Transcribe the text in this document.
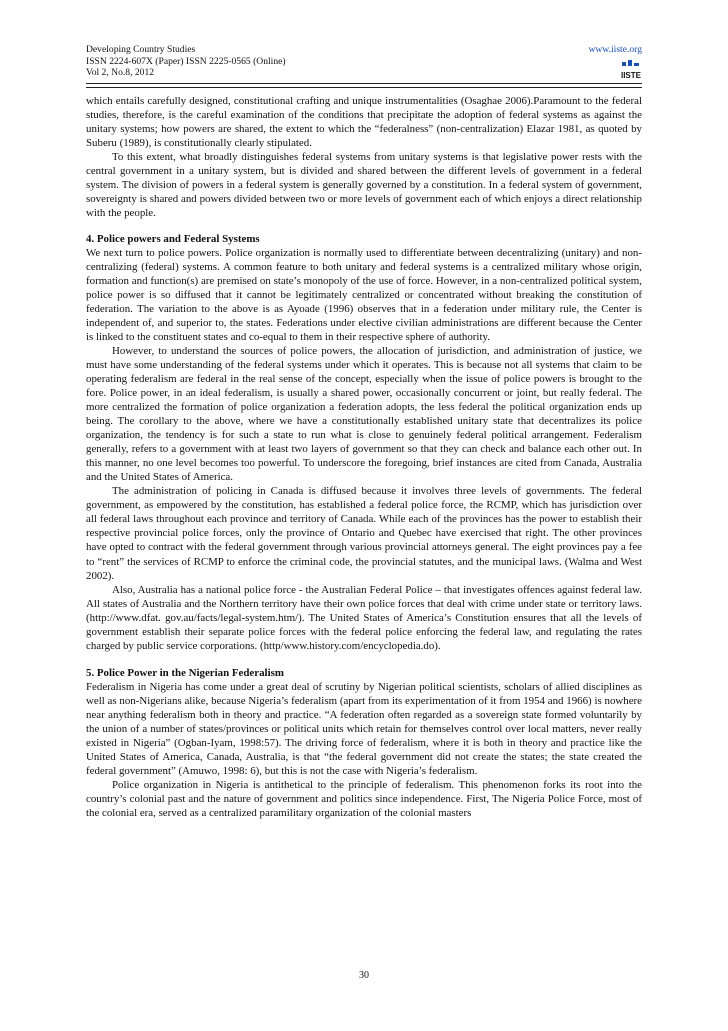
Developing Country Studies
ISSN 2224-607X (Paper) ISSN 2225-0565 (Online)
Vol 2, No.8, 2012
www.iiste.org
IISTE

which entails carefully designed, constitutional crafting and unique instrumentalities (Osaghae 2006).Paramount to the federal studies, therefore, is the careful examination of the conditions that precipitate the adoption of federal systems as against the unitary systems; how powers are shared, the extent to which the “federalness” (non-centralization) Elazar 1981, as quoted by Suberu (1989), is constitutionally clearly stipulated.

To this extent, what broadly distinguishes federal systems from unitary systems is that legislative power rests with the central government in a unitary system, but is divided and shared between the different levels of government in a federal system. The division of powers in a federal system is generally governed by a constitution. In a federal system of government, sovereignty is shared and powers divided between two or more levels of government each of which enjoys a direct relationship with the people.

4. Police powers and Federal Systems

We next turn to police powers. Police organization is normally used to differentiate between decentralizing (unitary) and non-centralizing (federal) systems. A common feature to both unitary and federal systems is a centralized military whose origin, formation and function(s) are premised on state’s monopoly of the use of force. However, in a non-centralized political system, police power is so diffused that it cannot be legitimately centralized or concentrated without breaking the constitution of federation. The variation to the above is as Ayoade (1996) observes that in a federation under military rule, the Center is independent of, and superior to, the states. Federations under elective civilian administrations are different because the Center is linked to the constituent states and co-equal to them in their respective sphere of authority.

However, to understand the sources of police powers, the allocation of jurisdiction, and administration of justice, we must have some understanding of the federal systems under which it operates. This is because not all systems that claim to be operating federalism are federal in the real sense of the concept, especially when the issue of police powers is brought to the fore. Police power, in an ideal federalism, is usually a shared power, occasionally concurrent or joint, but really federal. The more centralized the formation of police organization a federation adopts, the less federal the political organization ends up being. The corollary to the above, where we have a constitutionally established unitary state that decentralizes its police organization, the tendency is for such a state to run what is close to genuinely federal political arrangement. Federalism generally, refers to a government with at least two layers of government so that they can check and balance each other out. In this manner, no one level becomes too powerful. To underscore the foregoing, brief instances are cited from Canada, Australia and the United States of America.

The administration of policing in Canada is diffused because it involves three levels of governments. The federal government, as empowered by the constitution, has established a federal police force, the RCMP, which has jurisdiction over all federal laws throughout each province and territory of Canada. While each of the provinces has the power to establish their respective provincial police forces, only the province of Ontario and Quebec have exercised that right. The other provinces have opted to contract with the federal government through various provincial attorneys general. The eight provinces pay a fee to “rent” the services of RCMP to enforce the criminal code, the provincial statutes, and the municipal laws. (Walma and West 2002).

Also, Australia has a national police force - the Australian Federal Police – that investigates offences against federal law. All states of Australia and the Northern territory have their own police forces that deal with crime under state or territory laws. (http://www.dfat. gov.au/facts/legal-system.htm/). The United States of America’s Constitution ensures that all the levels of government establish their separate police forces with the federal police enforcing the federal law, and regulating the rates charged by public service corporations. (http/www.history.com/encyclopedia.do).

5. Police Power in the Nigerian Federalism

Federalism in Nigeria has come under a great deal of scrutiny by Nigerian political scientists, scholars of allied disciplines as well as non-Nigerians alike, because Nigeria’s federalism (apart from its experimentation of it from 1954 and 1966) is nowhere near anything federalism both in theory and practice. “A federation often regarded as a sovereign state formed voluntarily by the union of a number of states/provinces or political units which retain for themselves control over local matters, never really existed in Nigeria” (Ogban-Iyam, 1998:57). The driving force of federalism, where it is both in theory and practice like the United States of America, Canada, Australia, is that “the federal government did not create the states; the state created the federal government” (Amuwo, 1998: 6), but this is not the case with Nigeria’s federalism.

Police organization in Nigeria is antithetical to the principle of federalism. This phenomenon forks its root into the country’s colonial past and the nature of government and politics since independence. First, The Nigeria Police Force, most of the colonial era, served as a centralized paramilitary organization of the colonial masters

30
